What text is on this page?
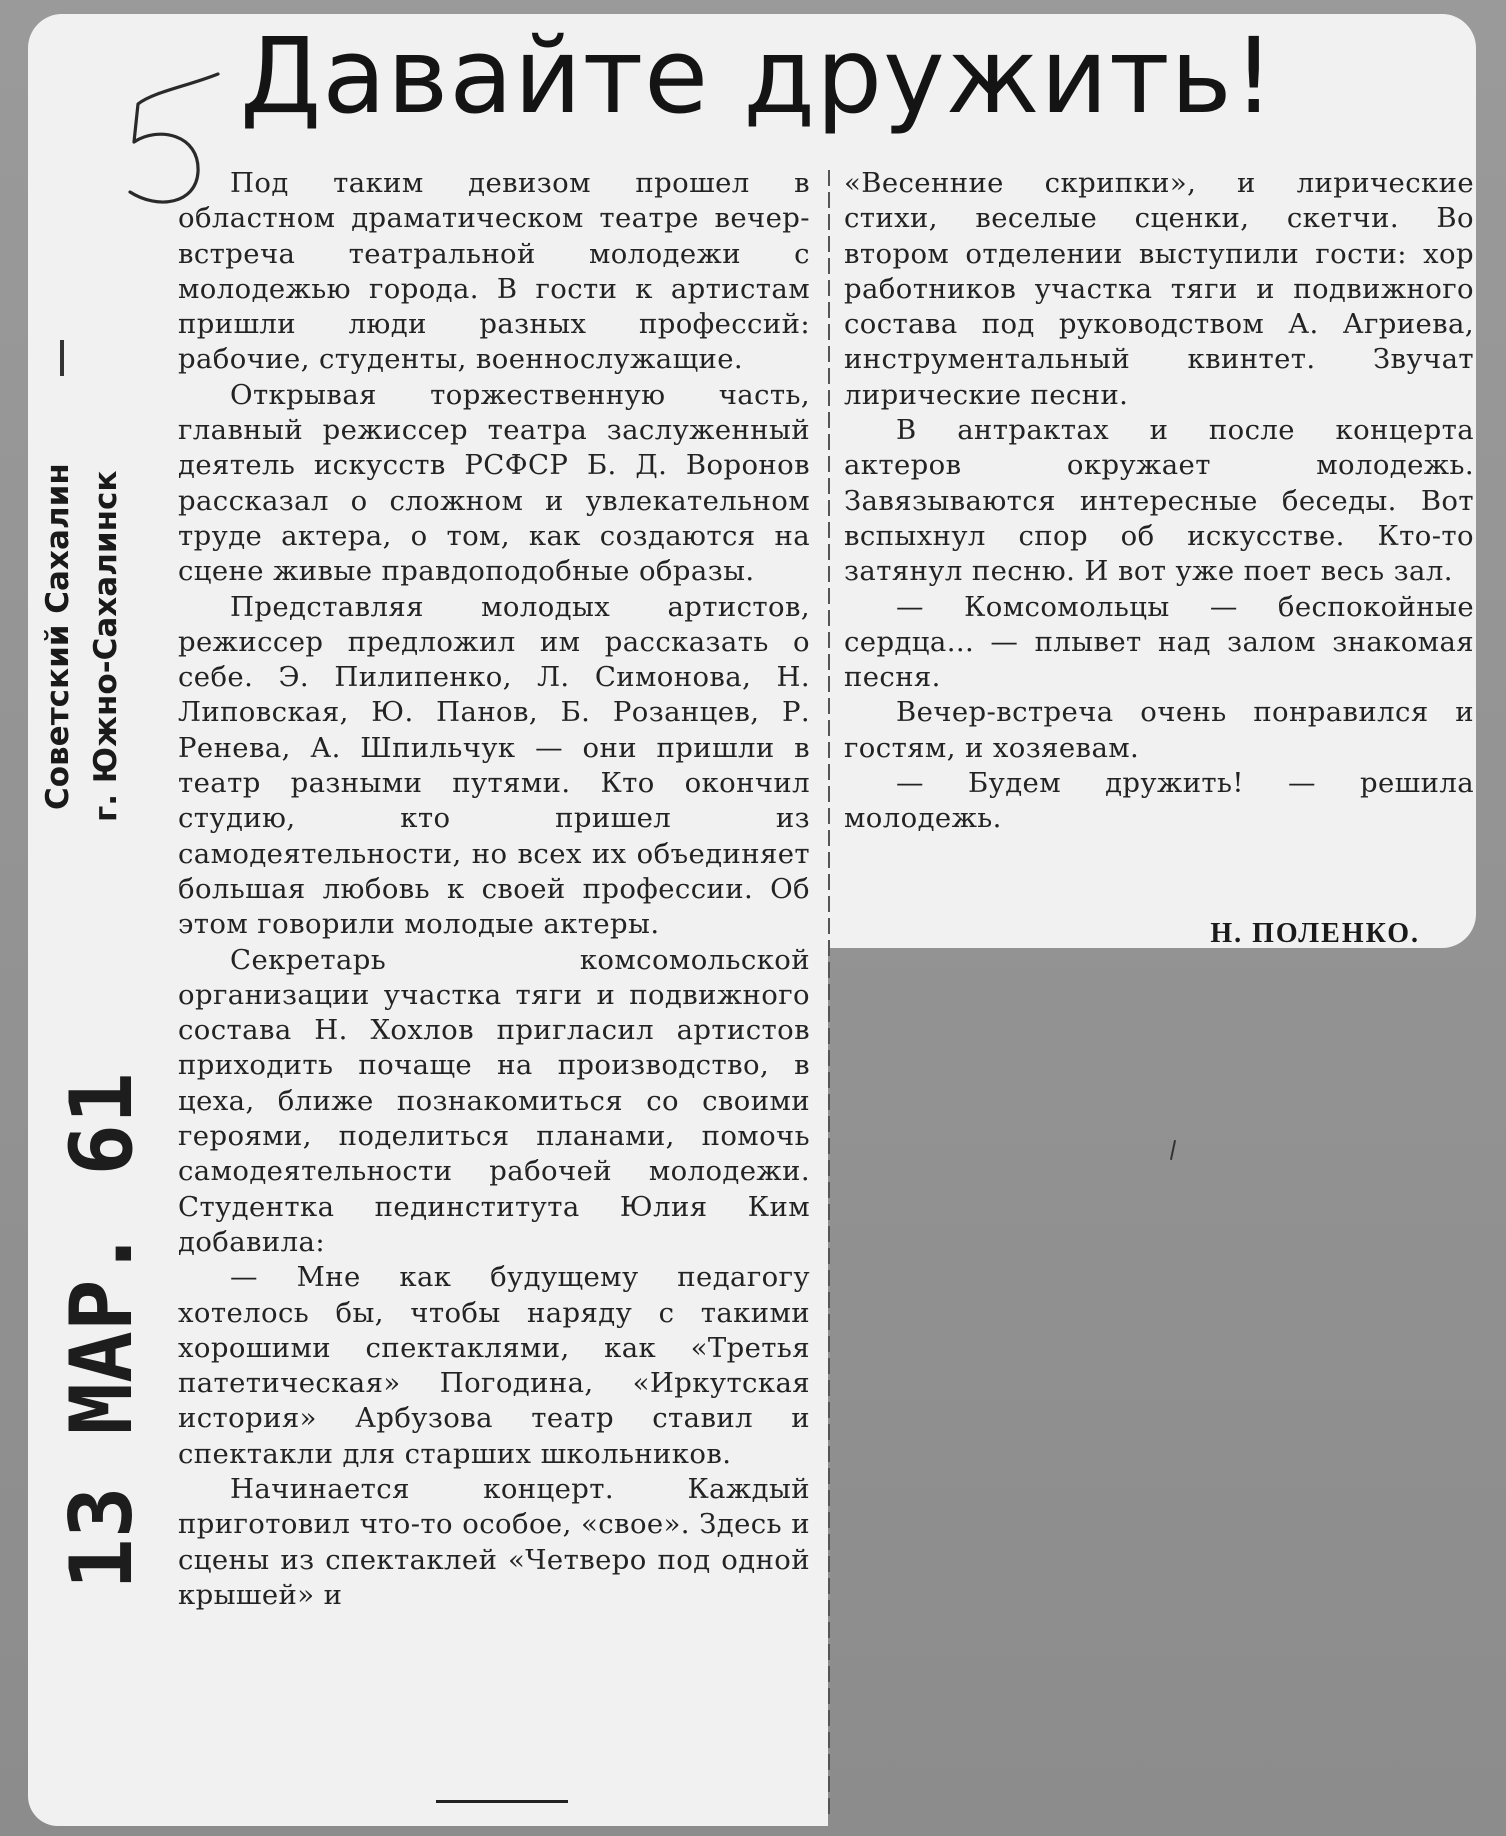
Давайте дружить!
Советский Сахалин г. Южно-Сахалинск
13 МАР. 61

Под таким девизом прошел в областном драматическом театре вечер-встреча театральной молодежи с молодежью города. В гости к артистам пришли люди разных профессий: рабочие, студенты, военнослужащие.

Открывая торжественную часть, главный режиссер театра заслуженный деятель искусств РСФСР Б. Д. Воронов рассказал о сложном и увлекательном труде актера, о том, как создаются на сцене живые правдоподобные образы.

Представляя молодых артистов, режиссер предложил им рассказать о себе. Э. Пилипенко, Л. Симонова, Н. Липовская, Ю. Панов, Б. Розанцев, Р. Ренева, А. Шпильчук — они пришли в театр разными путями. Кто окончил студию, кто пришел из самодеятельности, но всех их объединяет большая любовь к своей профессии. Об этом говорили молодые актеры.

Секретарь комсомольской организации участка тяги и подвижного состава Н. Хохлов пригласил артистов приходить почаще на производство, в цеха, ближе познакомиться со своими героями, поделиться планами, помочь самодеятельности рабочей молодежи. Студентка пединститута Юлия Ким добавила:

— Мне как будущему педагогу хотелось бы, чтобы наряду с такими хорошими спектаклями, как «Третья патетическая» Погодина, «Иркутская история» Арбузова театр ставил и спектакли для старших школьников.

Начинается концерт. Каждый приготовил что-то особое, «свое». Здесь и сцены из спектаклей «Четверо под одной крышей» и

«Весенние скрипки», и лирические стихи, веселые сценки, скетчи. Во втором отделении выступили гости: хор работников участка тяги и подвижного состава под руководством А. Агриева, инструментальный квинтет. Звучат лирические песни.

В антрактах и после концерта актеров окружает молодежь. Завязываются интересные беседы. Вот вспыхнул спор об искусстве. Кто-то затянул песню. И вот уже поет весь зал.

— Комсомольцы — беспокойные сердца... — плывет над залом знакомая песня.

Вечер-встреча очень понравился и гостям, и хозяевам.

— Будем дружить! — решила молодежь.

Н. ПОЛЕНКО.
